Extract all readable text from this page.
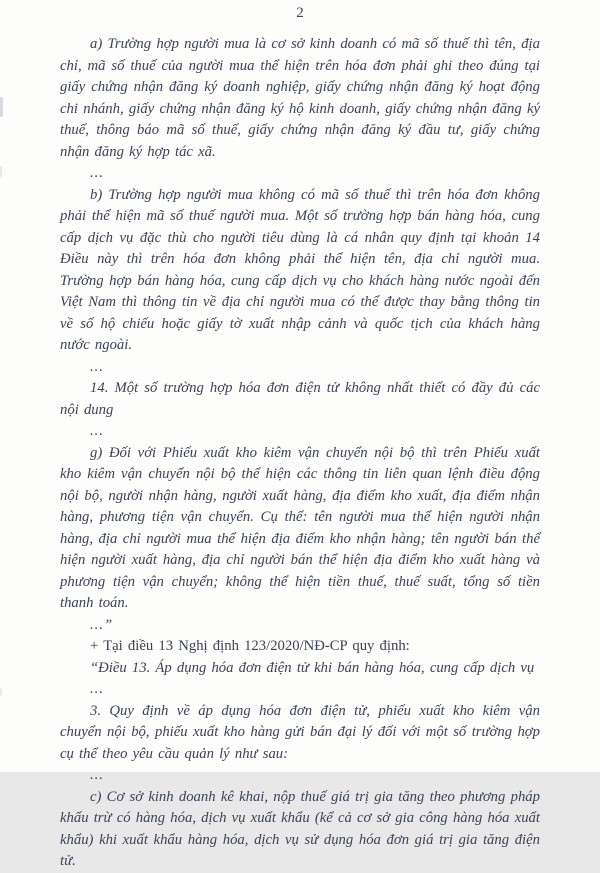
2

a) Trường hợp người mua là cơ sở kinh doanh có mã số thuế thì tên, địa chỉ, mã số thuế của người mua thể hiện trên hóa đơn phải ghi theo đúng tại giấy chứng nhận đăng ký doanh nghiệp, giấy chứng nhận đăng ký hoạt động chi nhánh, giấy chứng nhận đăng ký hộ kinh doanh, giấy chứng nhận đăng ký thuế, thông báo mã số thuế, giấy chứng nhận đăng ký đầu tư, giấy chứng nhận đăng ký hợp tác xã.

...

b) Trường hợp người mua không có mã số thuế thì trên hóa đơn không phải thể hiện mã số thuế người mua. Một số trường hợp bán hàng hóa, cung cấp dịch vụ đặc thù cho người tiêu dùng là cá nhân quy định tại khoản 14 Điều này thì trên hóa đơn không phải thể hiện tên, địa chỉ người mua. Trường hợp bán hàng hóa, cung cấp dịch vụ cho khách hàng nước ngoài đến Việt Nam thì thông tin về địa chỉ người mua có thể được thay bằng thông tin về số hộ chiếu hoặc giấy tờ xuất nhập cảnh và quốc tịch của khách hàng nước ngoài.

...

14. Một số trường hợp hóa đơn điện tử không nhất thiết có đầy đủ các nội dung

...

g) Đối với Phiếu xuất kho kiêm vận chuyển nội bộ thì trên Phiếu xuất kho kiêm vận chuyển nội bộ thể hiện các thông tin liên quan lệnh điều động nội bộ, người nhận hàng, người xuất hàng, địa điểm kho xuất, địa điểm nhận hàng, phương tiện vận chuyển. Cụ thể: tên người mua thể hiện người nhận hàng, địa chỉ người mua thể hiện địa điểm kho nhận hàng; tên người bán thể hiện người xuất hàng, địa chỉ người bán thể hiện địa điểm kho xuất hàng và phương tiện vận chuyển; không thể hiện tiền thuế, thuế suất, tổng số tiền thanh toán.

...”

+ Tại điều 13 Nghị định 123/2020/NĐ-CP quy định:

“Điều 13. Áp dụng hóa đơn điện tử khi bán hàng hóa, cung cấp dịch vụ

...

3. Quy định về áp dụng hóa đơn điện tử, phiếu xuất kho kiêm vận chuyển nội bộ, phiếu xuất kho hàng gửi bán đại lý đối với một số trường hợp cụ thể theo yêu cầu quản lý như sau:

...

c) Cơ sở kinh doanh kê khai, nộp thuế giá trị gia tăng theo phương pháp khấu trừ có hàng hóa, dịch vụ xuất khẩu (kể cả cơ sở gia công hàng hóa xuất khẩu) khi xuất khẩu hàng hóa, dịch vụ sử dụng hóa đơn giá trị gia tăng điện tử.
